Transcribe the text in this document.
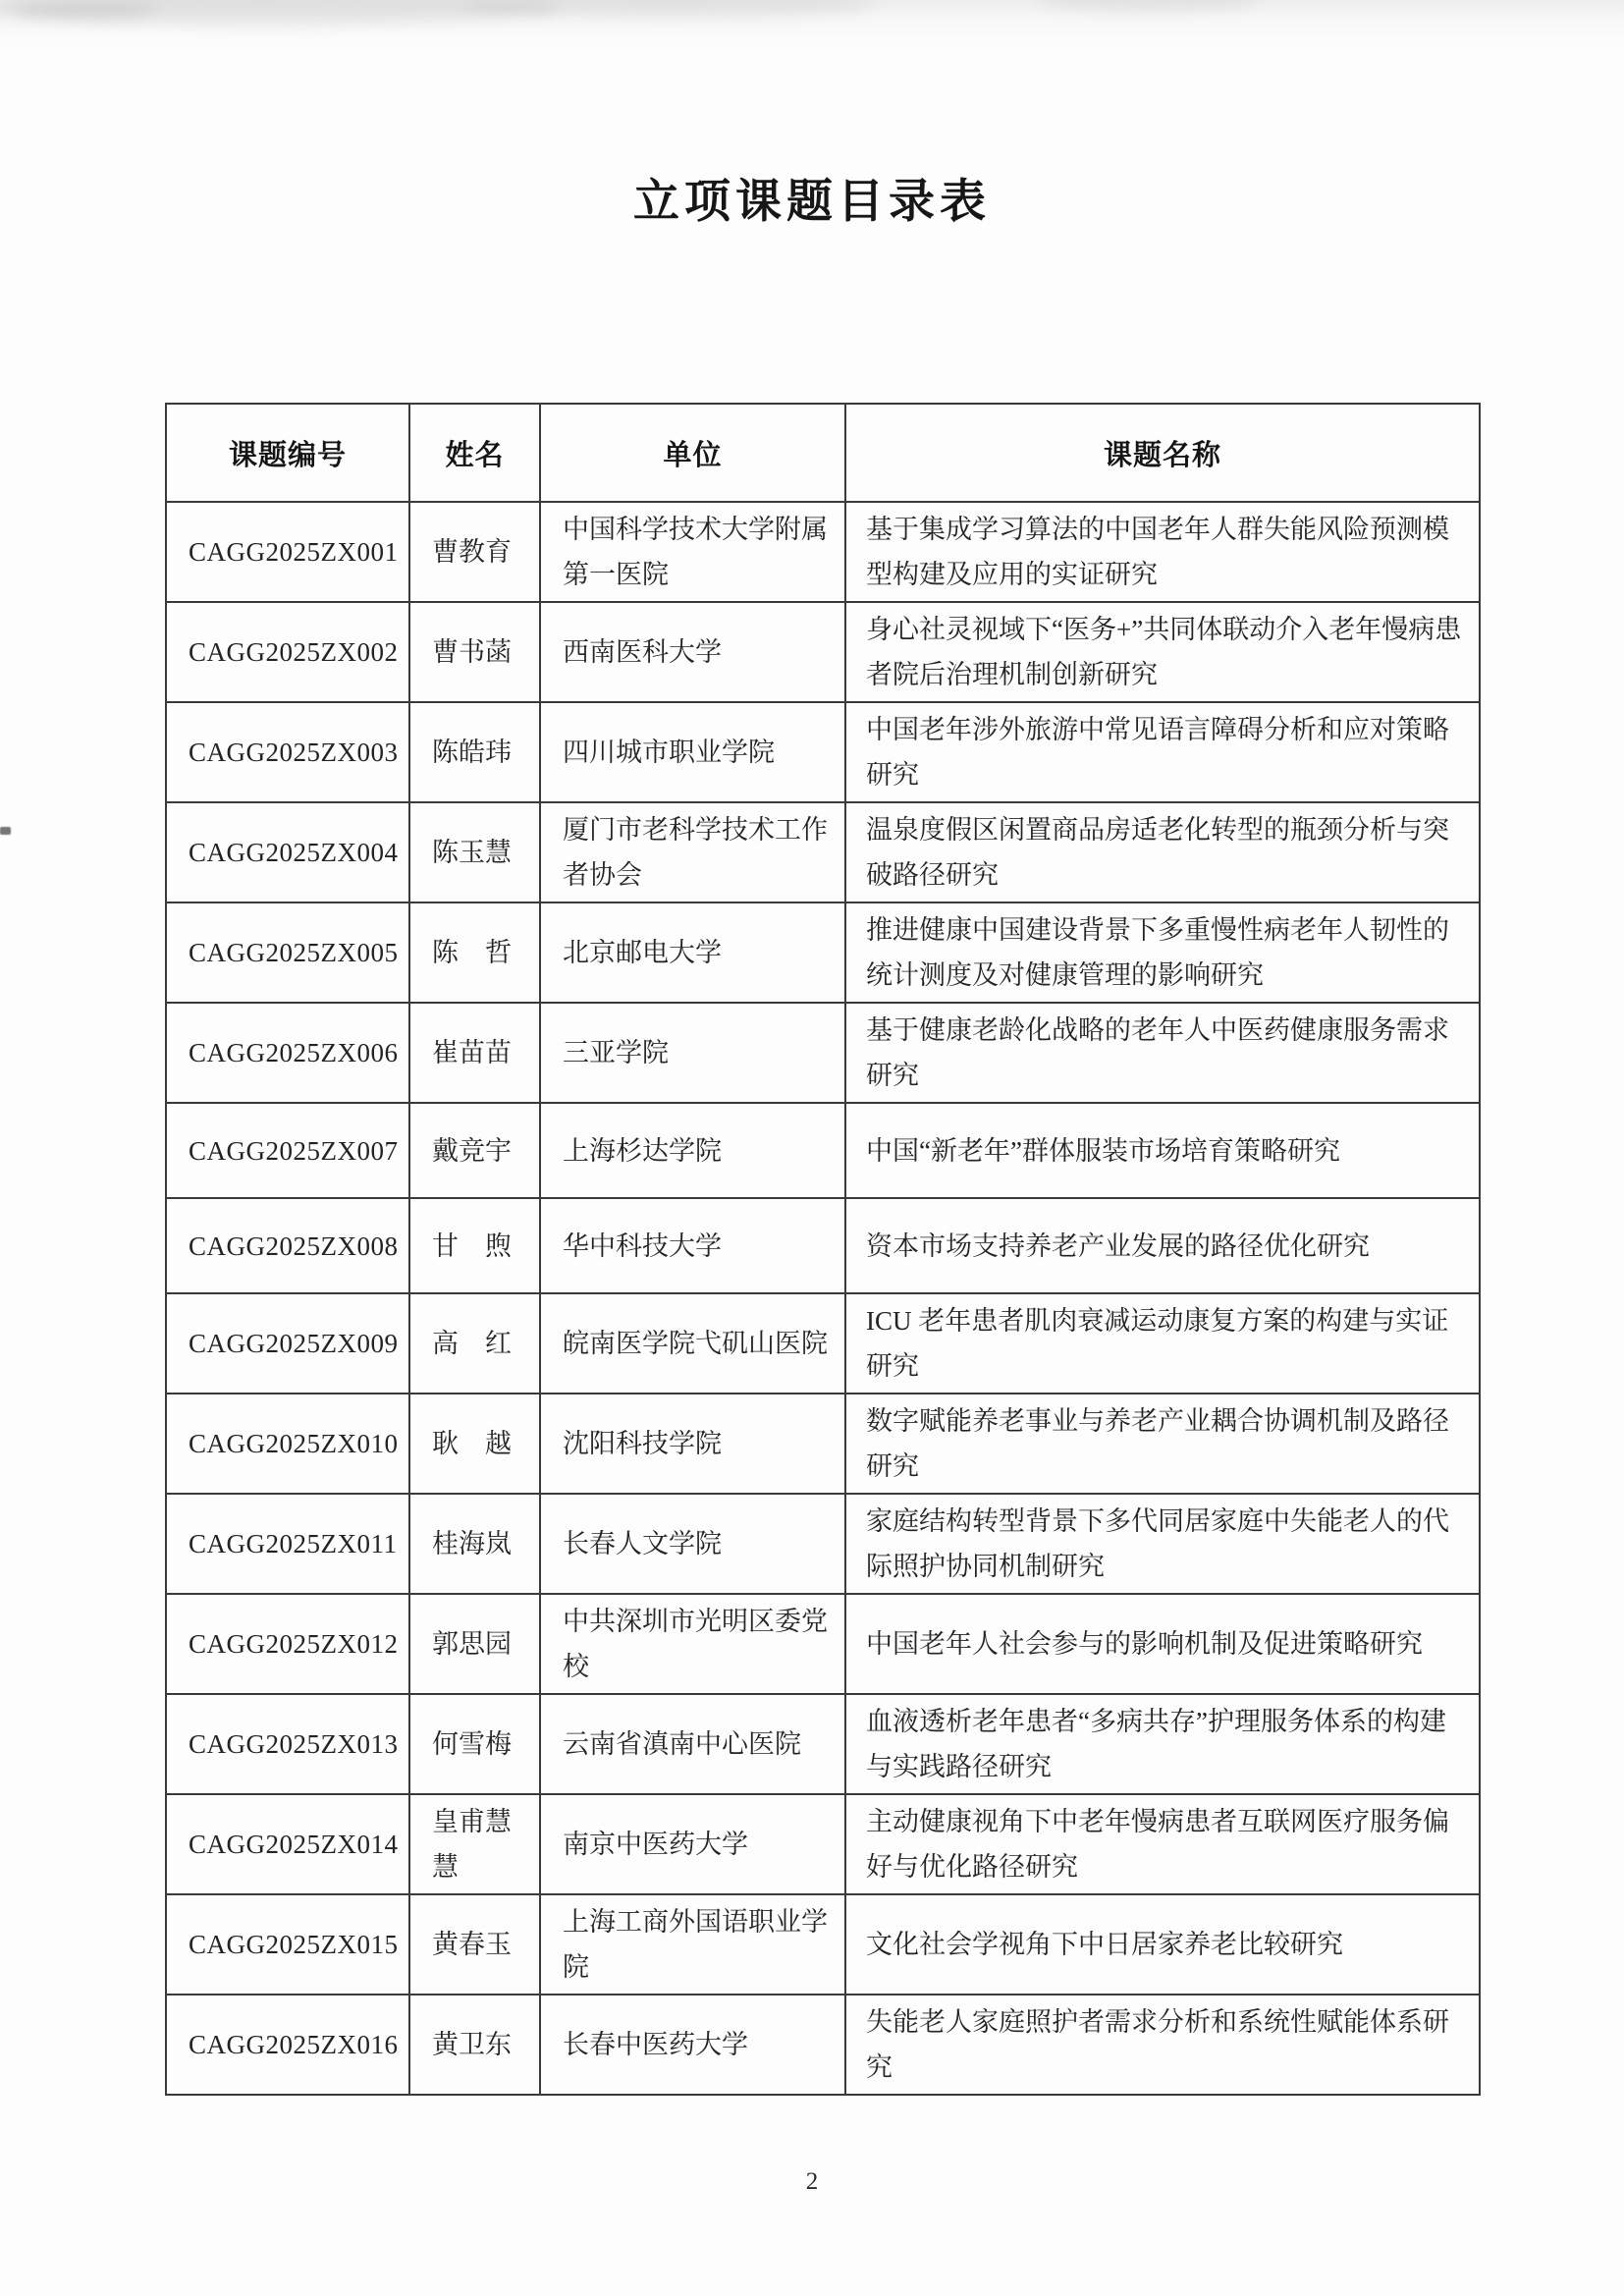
立项课题目录表
课题编号	姓名	单位	课题名称
CAGG2025ZX001	曹教育	中国科学技术大学附属第一医院	基于集成学习算法的中国老年人群失能风险预测模型构建及应用的实证研究
CAGG2025ZX002	曹书菡	西南医科大学	身心社灵视域下“医务+”共同体联动介入老年慢病患者院后治理机制创新研究
CAGG2025ZX003	陈皓玮	四川城市职业学院	中国老年涉外旅游中常见语言障碍分析和应对策略研究
CAGG2025ZX004	陈玉慧	厦门市老科学技术工作者协会	温泉度假区闲置商品房适老化转型的瓶颈分析与突破路径研究
CAGG2025ZX005	陈　哲	北京邮电大学	推进健康中国建设背景下多重慢性病老年人韧性的统计测度及对健康管理的影响研究
CAGG2025ZX006	崔苗苗	三亚学院	基于健康老龄化战略的老年人中医药健康服务需求研究
CAGG2025ZX007	戴竞宇	上海杉达学院	中国“新老年”群体服装市场培育策略研究
CAGG2025ZX008	甘　煦	华中科技大学	资本市场支持养老产业发展的路径优化研究
CAGG2025ZX009	高　红	皖南医学院弋矶山医院	ICU 老年患者肌肉衰减运动康复方案的构建与实证研究
CAGG2025ZX010	耿　越	沈阳科技学院	数字赋能养老事业与养老产业耦合协调机制及路径研究
CAGG2025ZX011	桂海岚	长春人文学院	家庭结构转型背景下多代同居家庭中失能老人的代际照护协同机制研究
CAGG2025ZX012	郭思园	中共深圳市光明区委党校	中国老年人社会参与的影响机制及促进策略研究
CAGG2025ZX013	何雪梅	云南省滇南中心医院	血液透析老年患者“多病共存”护理服务体系的构建与实践路径研究
CAGG2025ZX014	皇甫慧慧	南京中医药大学	主动健康视角下中老年慢病患者互联网医疗服务偏好与优化路径研究
CAGG2025ZX015	黄春玉	上海工商外国语职业学院	文化社会学视角下中日居家养老比较研究
CAGG2025ZX016	黄卫东	长春中医药大学	失能老人家庭照护者需求分析和系统性赋能体系研究
2
